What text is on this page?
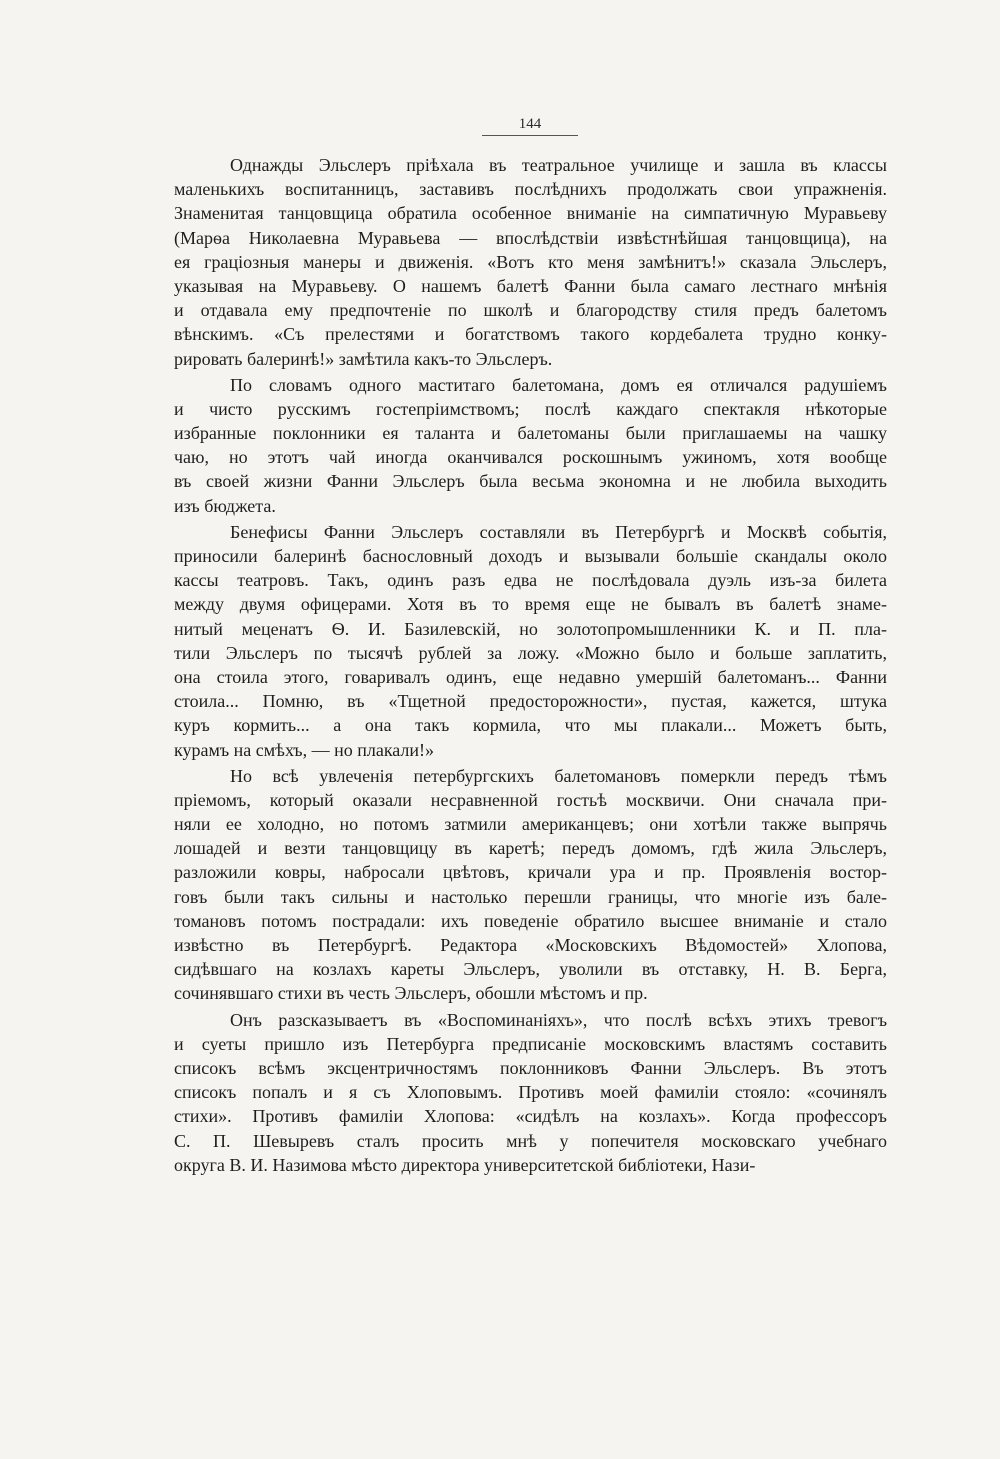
144
Однажды Эльслеръ пріѣхала въ театральное училище и зашла въ классы
маленькихъ воспитанницъ, заставивъ послѣднихъ продолжать свои упражненія.
Знаменитая танцовщица обратила особенное вниманіе на симпатичную Муравьеву
(Марѳа Николаевна Муравьева — впослѣдствіи извѣстнѣйшая танцовщица), на
ея граціозныя манеры и движенія. «Вотъ кто меня замѣнитъ!» сказала Эльслеръ,
указывая на Муравьеву. О нашемъ балетѣ Фанни была самаго лестнаго мнѣнія
и отдавала ему предпочтеніе по школѣ и благородству стиля предъ балетомъ
вѣнскимъ. «Съ прелестями и богатствомъ такого кордебалета трудно конку-
рировать балеринѣ!» замѣтила какъ-то Эльслеръ.
По словамъ одного маститаго балетомана, домъ ея отличался радушіемъ
и чисто русскимъ гостепріимствомъ; послѣ каждаго спектакля нѣкоторые
избранные поклонники ея таланта и балетоманы были приглашаемы на чашку
чаю, но этотъ чай иногда оканчивался роскошнымъ ужиномъ, хотя вообще
въ своей жизни Фанни Эльслеръ была весьма экономна и не любила выходить
изъ бюджета.
Бенефисы Фанни Эльслеръ составляли въ Петербургѣ и Москвѣ событія,
приносили балеринѣ баснословный доходъ и вызывали большіе скандалы около
кассы театровъ. Такъ, одинъ разъ едва не послѣдовала дуэль изъ-за билета
между двумя офицерами. Хотя въ то время еще не бывалъ въ балетѣ знаме-
нитый меценатъ Ѳ. И. Базилевскій, но золотопромышленники К. и П. пла-
тили Эльслеръ по тысячѣ рублей за ложу. «Можно было и больше заплатить,
она стоила этого, говаривалъ одинъ, еще недавно умершій балетоманъ... Фанни
стоила... Помню, въ «Тщетной предосторожности», пустая, кажется, штука
куръ кормить... а она такъ кормила, что мы плакали... Можетъ быть,
курамъ на смѣхъ, — но плакали!»
Но всѣ увлеченія петербургскихъ балетомановъ померкли передъ тѣмъ
пріемомъ, который оказали несравненной гостьѣ москвичи. Они сначала при-
няли ее холодно, но потомъ затмили американцевъ; они хотѣли также выпрячь
лошадей и везти танцовщицу въ каретѣ; передъ домомъ, гдѣ жила Эльслеръ,
разложили ковры, набросали цвѣтовъ, кричали ура и пр. Проявленія востор-
говъ были такъ сильны и настолько перешли границы, что многіе изъ бале-
томановъ потомъ пострадали: ихъ поведеніе обратило высшее вниманіе и стало
извѣстно въ Петербургѣ. Редактора «Московскихъ Вѣдомостей» Хлопова,
сидѣвшаго на козлахъ кареты Эльслеръ, уволили въ отставку, Н. В. Берга,
сочинявшаго стихи въ честь Эльслеръ, обошли мѣстомъ и пр.
Онъ разсказываетъ въ «Воспоминаніяхъ», что послѣ всѣхъ этихъ тревогъ
и суеты пришло изъ Петербурга предписаніе московскимъ властямъ составить
списокъ всѣмъ эксцентричностямъ поклонниковъ Фанни Эльслеръ. Въ этотъ
списокъ попалъ и я съ Хлоповымъ. Противъ моей фамиліи стояло: «сочинялъ
стихи». Противъ фамиліи Хлопова: «сидѣлъ на козлахъ». Когда профессоръ
С. П. Шевыревъ сталъ просить мнѣ у попечителя московскаго учебнаго
округа В. И. Назимова мѣсто директора университетской библіотеки, Нази-
